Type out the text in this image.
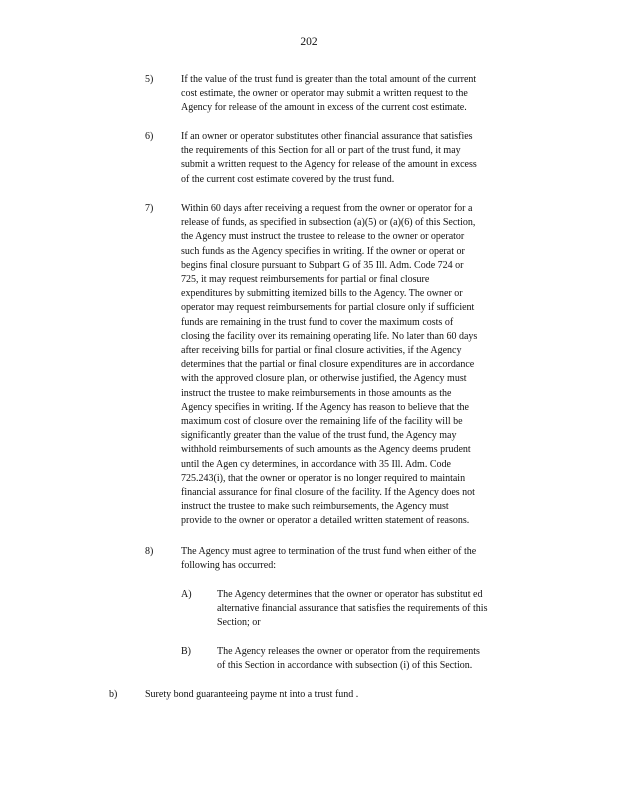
202
5)	If the value of the trust fund is greater than the total amount of the current
cost estimate, the owner or operator may submit a written request to the
Agency for release of the amount in excess of the current cost estimate.
6)	If an owner or operator substitutes other financial assurance that satisfies
the requirements of this Section for all or part of the trust fund, it may
submit a written request to the Agency for release of the amount in excess
of the current cost estimate covered by the trust fund.
7)	Within 60 days after receiving a request from the owner or operator for a
release of funds, as specified in subsection (a)(5) or (a)(6) of this Section,
the Agency must instruct the trustee to release to the owner or operator
such funds as the Agency specifies in writing. If the owner or operat or
begins final closure pursuant to Subpart G of 35 Ill. Adm. Code 724 or
725, it may request reimbursements for partial or final closure
expenditures by submitting itemized bills to the Agency. The owner or
operator may request reimbursements for partial closure only if sufficient
funds are remaining in the trust fund to cover the maximum costs of
closing the facility over its remaining operating life. No later than 60 days
after receiving bills for partial or final closure activities, if the Agency
determines that the partial or final closure expenditures are in accordance
with the approved closure plan, or otherwise justified, the Agency must
instruct the trustee to make reimbursements in those amounts as the
Agency specifies in writing. If the Agency has reason to believe that the
maximum cost of closure over the remaining life of the facility will be
significantly greater than the value of the trust fund, the Agency may
withhold reimbursements of such amounts as the Agency deems prudent
until the Agen cy determines, in accordance with 35 Ill. Adm. Code
725.243(i), that the owner or operator is no longer required to maintain
financial assurance for final closure of the facility. If the Agency does not
instruct the trustee to make such reimbursements, the Agency must
provide to the owner or operator a detailed written statement of reasons.
8)	The Agency must agree to termination of the trust fund when either of the
following has occurred:
A)	The Agency determines that the owner or operator has substitut ed
alternative financial assurance that satisfies the requirements of this
Section; or
B)	The Agency releases the owner or operator from the requirements
of this Section in accordance with subsection (i) of this Section.
b)	Surety bond guaranteeing payme nt into a trust fund .
